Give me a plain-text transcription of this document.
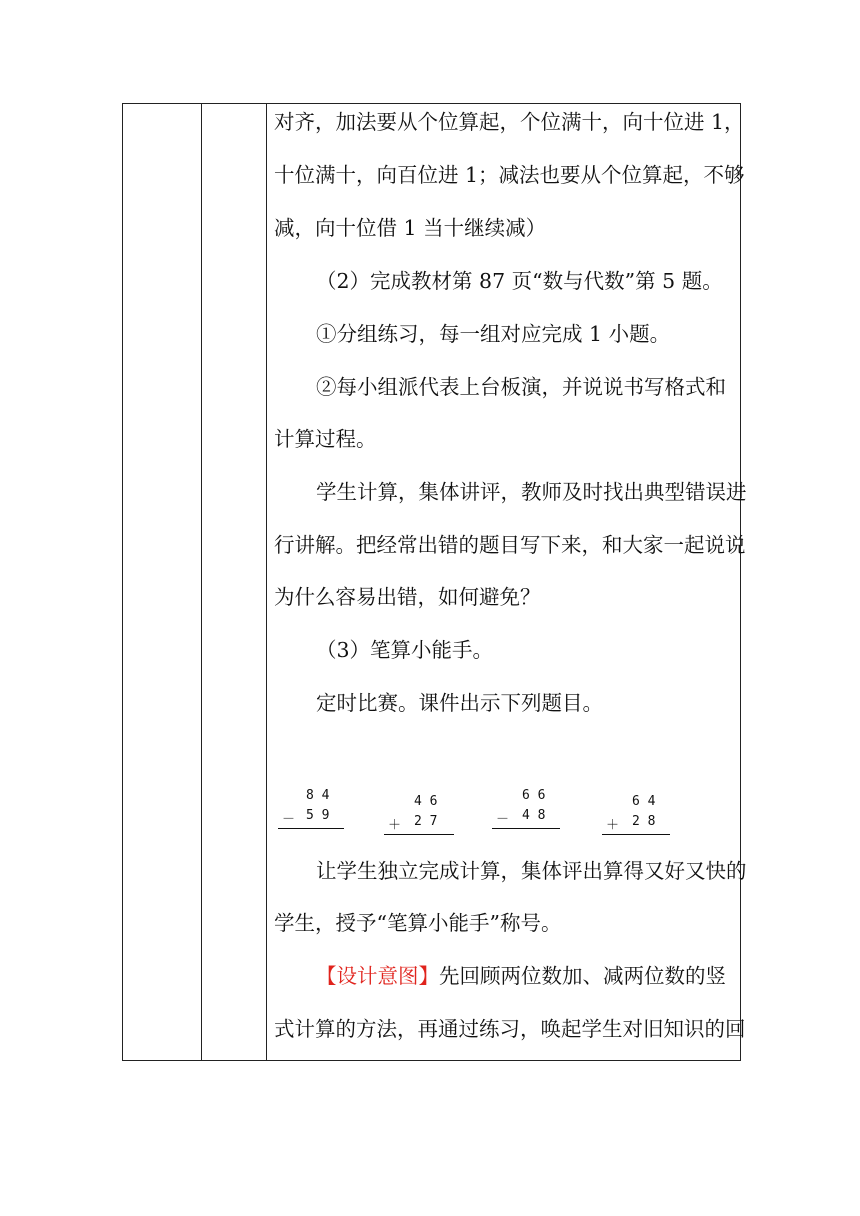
对齐，加法要从个位算起，个位满十，向十位进 1，
十位满十，向百位进 1；减法也要从个位算起，不够
减，向十位借 1 当十继续减）
（2）完成教材第 87 页“数与代数”第 5 题。
①分组练习，每一组对应完成 1 小题。
②每小组派代表上台板演，并说说书写格式和
计算过程。
学生计算，集体讲评，教师及时找出典型错误进
行讲解。把经常出错的题目写下来，和大家一起说说
为什么容易出错，如何避免？
（3）笔算小能手。
定时比赛。课件出示下列题目。
让学生独立完成计算，集体评出算得又好又快的
学生，授予“笔算小能手”称号。
【设计意图】先回顾两位数加、减两位数的竖
式计算的方法，再通过练习，唤起学生对旧知识的回
8 4
－ 5 9
4 6
＋ 2 7
6 6
－ 4 8
6 4
＋ 2 8
